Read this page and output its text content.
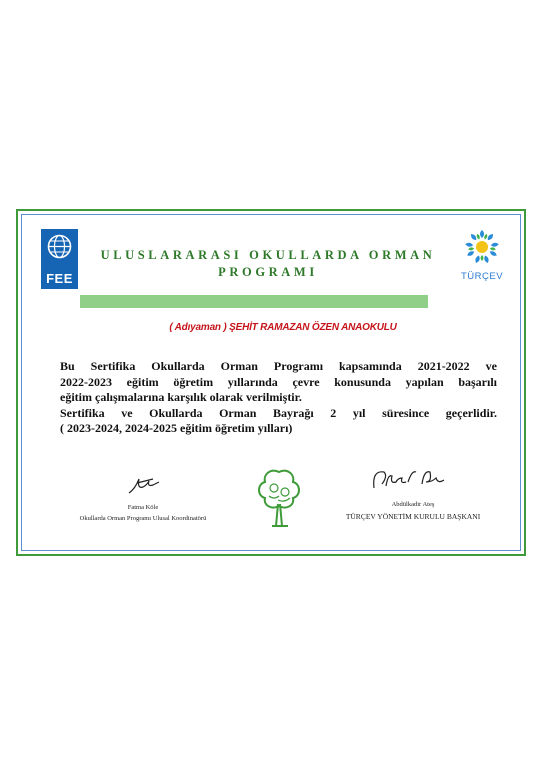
FEE
ULUSLARARASI OKULLARDA ORMAN
PROGRAMI	TÜRÇEV
( Adıyaman ) ŞEHİT RAMAZAN ÖZEN ANAOKULU

Bu Sertifika Okullarda Orman Programı kapsamında 2021-2022 ve

2022-2023 eğitim öğretim yıllarında çevre konusunda yapılan başarılı

eğitim çalışmalarına karşılık olarak verilmiştir.

Sertifika ve Okullarda Orman Bayrağı 2 yıl süresince geçerlidir.

( 2023-2024, 2024-2025 eğitim öğretim yılları)

Fatma Köle
Okullarda Orman Programı Ulusal Koordinatörü
Abdülkadir Ateş
TÜRÇEV YÖNETİM KURULU BAŞKANI
